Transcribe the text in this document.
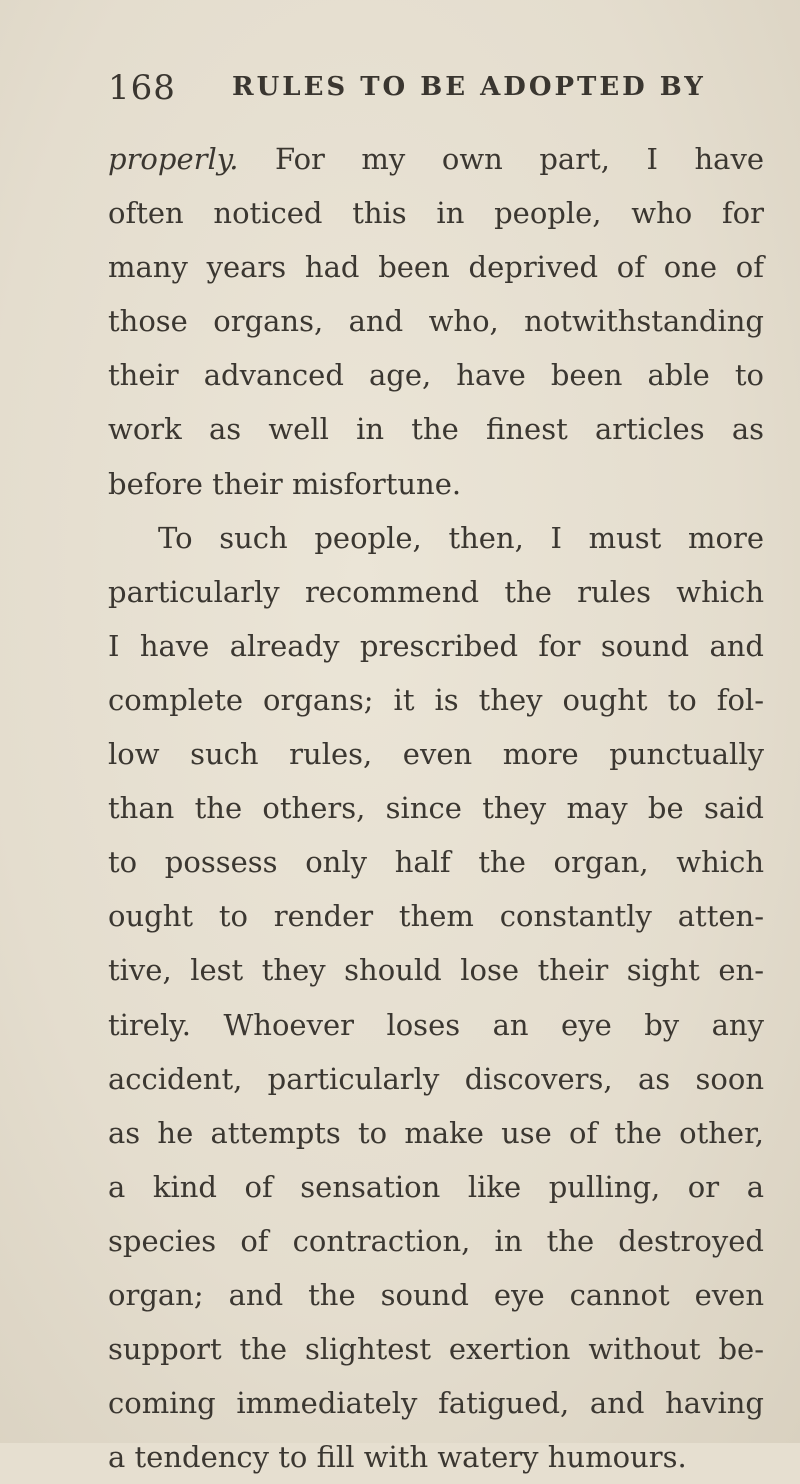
168 RULES TO BE ADOPTED BY
properly. For my own part, I have
often noticed this in people, who for
many years had been deprived of one of
those organs, and who, notwithstanding
their advanced age, have been able to
work as well in the finest articles as
before their misfortune.
To such people, then, I must more
particularly recommend the rules which
I have already prescribed for sound and
complete organs; it is they ought to fol-
low such rules, even more punctually
than the others, since they may be said
to possess only half the organ, which
ought to render them constantly atten-
tive, lest they should lose their sight en-
tirely. Whoever loses an eye by any
accident, particularly discovers, as soon
as he attempts to make use of the other,
a kind of sensation like pulling, or a
species of contraction, in the destroyed
organ; and the sound eye cannot even
support the slightest exertion without be-
coming immediately fatigued, and having
a tendency to fill with watery humours.
